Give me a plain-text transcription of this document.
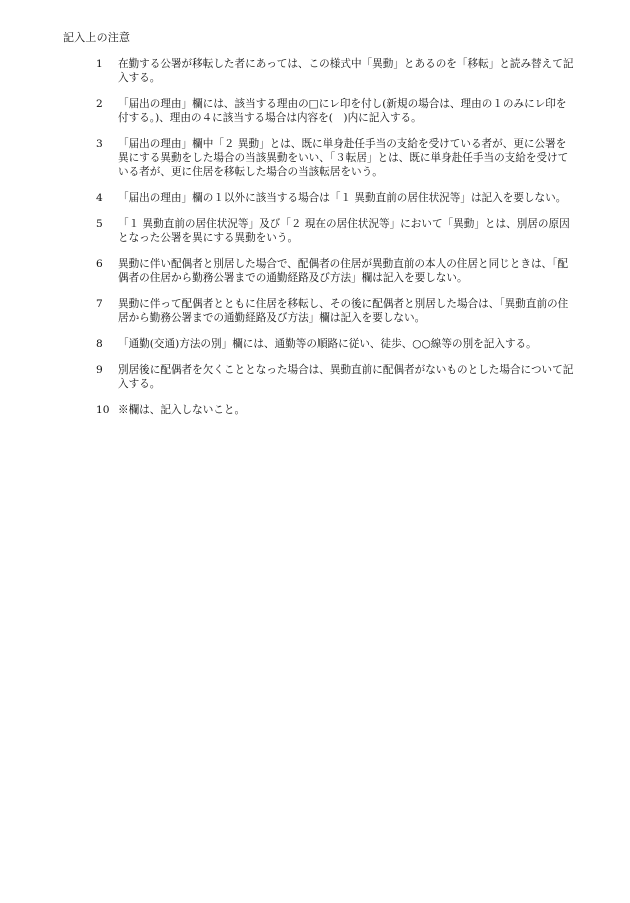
記入上の注意
1	在勤する公署が移転した者にあっては、この様式中「異動」とあるのを「移転」と読み替えて記入する。
2	「届出の理由」欄には、該当する理由の□にレ印を付し(新規の場合は、理由の１のみにレ印を付する。)、理由の４に該当する場合は内容を(　)内に記入する。
3	「届出の理由」欄中「２ 異動」とは、既に単身赴任手当の支給を受けている者が、更に公署を異にする異動をした場合の当該異動をいい、「３転居」とは、既に単身赴任手当の支給を受けている者が、更に住居を移転した場合の当該転居をいう。
4	「届出の理由」欄の１以外に該当する場合は「１ 異動直前の居住状況等」は記入を要しない。
5	「１ 異動直前の居住状況等」及び「２ 現在の居住状況等」において「異動」とは、別居の原因となった公署を異にする異動をいう。
6	異動に伴い配偶者と別居した場合で、配偶者の住居が異動直前の本人の住居と同じときは、「配偶者の住居から勤務公署までの通勤経路及び方法」欄は記入を要しない。
7	異動に伴って配偶者とともに住居を移転し、その後に配偶者と別居した場合は、「異動直前の住居から勤務公署までの通勤経路及び方法」欄は記入を要しない。
8	「通勤(交通)方法の別」欄には、通勤等の順路に従い、徒歩、○○線等の別を記入する。
9	別居後に配偶者を欠くこととなった場合は、異動直前に配偶者がないものとした場合について記入する。
10 ※欄は、記入しないこと。
